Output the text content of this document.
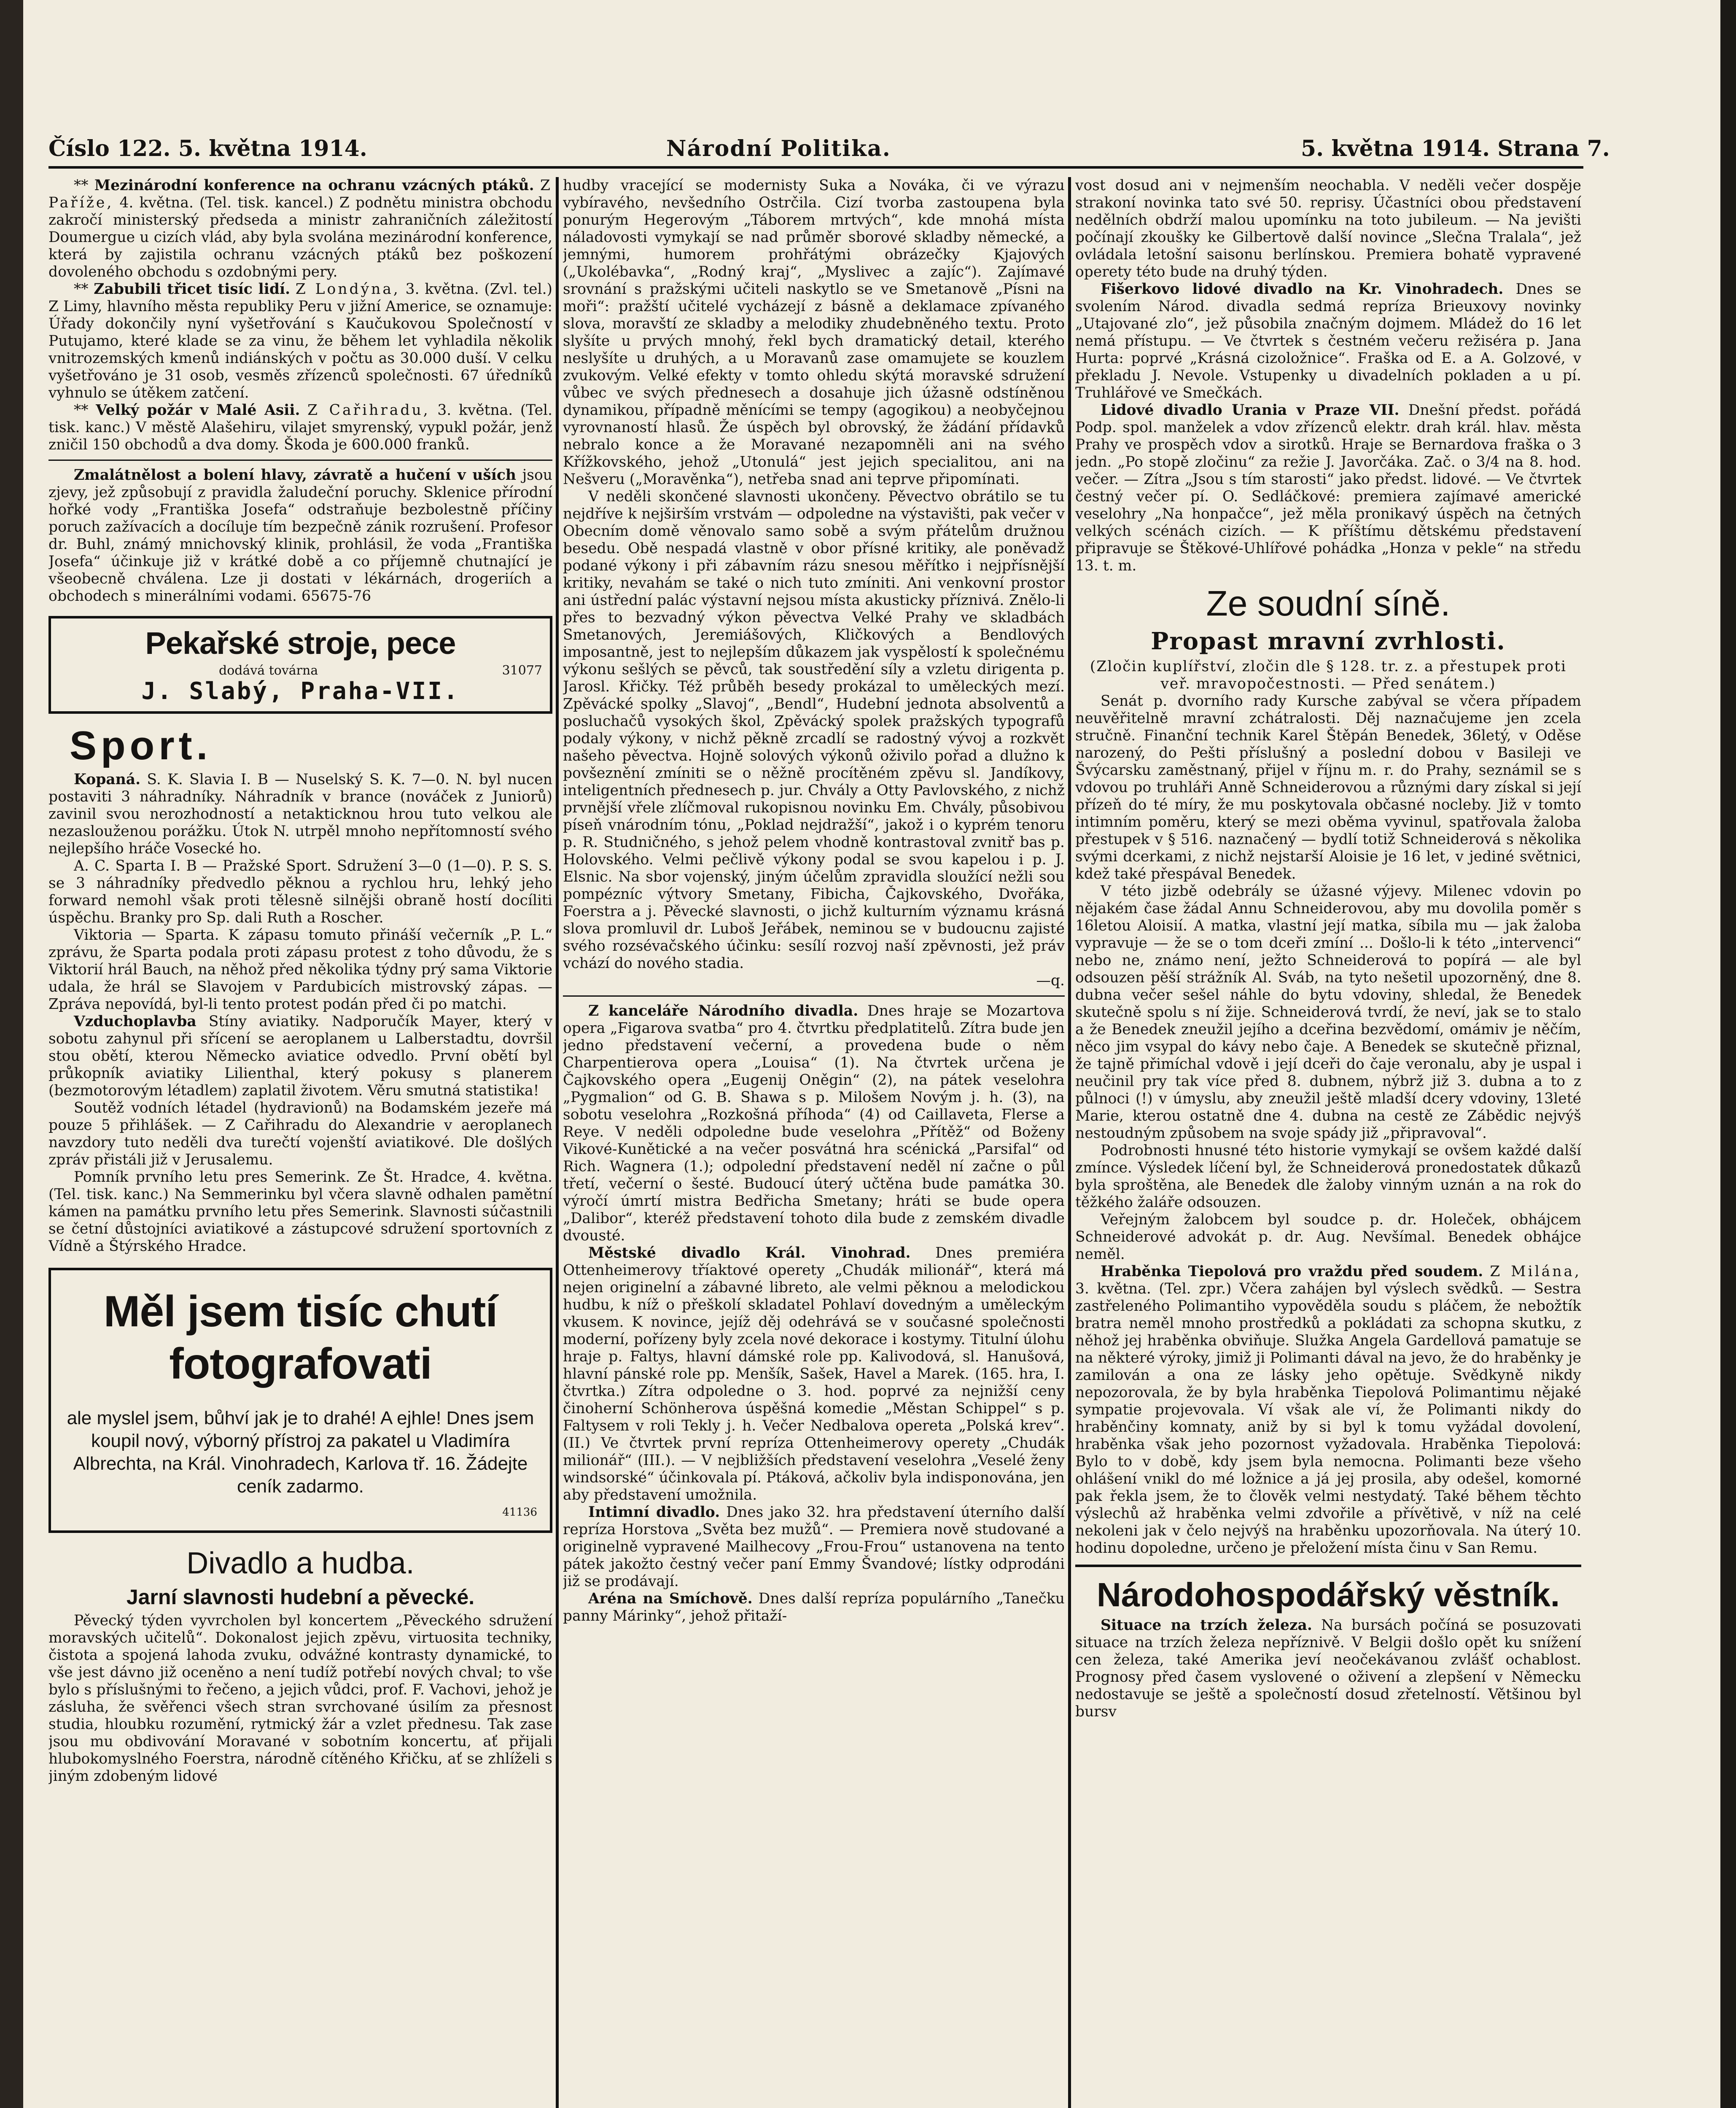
Číslo 122. 5. května 1914.	Národní Politika.	5. května 1914. Strana 7.

** Mezinárodní konference na ochranu vzácných ptáků. Z Paříže, 4. května. (Tel. tisk. kancel.) Z podnětu ministra obchodu zakročí ministerský předseda a ministr zahraničních záležitostí Doumergue u cizích vlád, aby byla svolána mezinárodní konference, která by zajistila ochranu vzácných ptáků bez poškození dovoleného obchodu s ozdobnými pery.

** Zabubili třicet tisíc lidí. Z Londýna, 3. května. (Zvl. tel.) Z Limy, hlavního města republiky Peru v jižní Americe, se oznamuje: Úřady dokončily nyní vyšetřování s Kaučukovou Společností v Putujamo, které klade se za vinu, že během let vyhladila několik vnitrozemských kmenů indiánských v počtu as 30.000 duší. V celku vyšetřováno je 31 osob, vesměs zřízenců společnosti. 67 úředníků vyhnulo se útěkem zatčení.

** Velký požár v Malé Asii. Z Cařihradu, 3. května. (Tel. tisk. kanc.) V městě Alašehiru, vilajet smyrenský, vypukl požár, jenž zničil 150 obchodů a dva domy. Škoda je 600.000 franků.

Zmalátnělost a bolení hlavy, závratě a hučení v uších jsou zjevy, jež způsobují z pravidla žaludeční poruchy. Sklenice přírodní hořké vody „Františka Josefa“ odstraňuje bezbolestně příčiny poruch zažívacích a docíluje tím bezpečně zánik rozrušení. Profesor dr. Buhl, známý mnichovský klinik, prohlásil, že voda „Františka Josefa“ účinkuje již v krátké době a co příjemně chutnající je všeobecně chválena. Lze ji dostati v lékárnách, drogeriích a obchodech s minerálními vodami. 65675-76

Pekařské stroje, pece
dodává továrna	31077
J. Slabý, Praha-VII.
Sport.

Kopaná. S. K. Slavia I. B — Nuselský S. K. 7—0. N. byl nucen postaviti 3 náhradníky. Náhradník v brance (nováček z Juniorů) zavinil svou nerozhodností a netakticknou hrou tuto velkou ale nezaslouženou porážku. Útok N. utrpěl mnoho nepřítomností svého nejlepšího hráče Vosecké ho.

A. C. Sparta I. B — Pražské Sport. Sdružení 3—0 (1—0). P. S. S. se 3 náhradníky předvedlo pěknou a rychlou hru, lehký jeho forward nemohl však proti tělesně silnějši obraně hostí docíliti úspěchu. Branky pro Sp. dali Ruth a Roscher.

Viktoria — Sparta. K zápasu tomuto přináší večerník „P. L.“ zprávu, že Sparta podala proti zápasu protest z toho důvodu, že s Viktorií hrál Bauch, na něhož před několika týdny prý sama Viktorie udala, že hrál se Slavojem v Pardubicích mistrovský zápas. — Zpráva nepovídá, byl-li tento protest podán před či po matchi.

Vzduchoplavba Stíny aviatiky. Nadporučík Mayer, který v sobotu zahynul při sřícení se aeroplanem u Lalberstadtu, dovršil stou obětí, kterou Německo aviatice odvedlo. První obětí byl průkopník aviatiky Lilienthal, který pokusy s planerem (bezmotorovým létadlem) zaplatil životem. Věru smutná statistika!

Soutěž vodních létadel (hydravionů) na Bodamském jezeře má pouze 5 přihlášek. — Z Cařihradu do Alexandrie v aeroplanech navzdory tuto neděli dva turečtí vojenští aviatikové. Dle došlých zpráv přistáli již v Jerusalemu.

Pomník prvního letu pres Semerink. Ze Št. Hradce, 4. května. (Tel. tisk. kanc.) Na Semmerinku byl včera slavně odhalen pamětní kámen na památku prvního letu přes Semerink. Slavnosti súčastnili se četní důstojníci aviatikové a zástupcové sdružení sportovních z Vídně a Štýrského Hradce.

Měl jsem tisíc chutí
fotografovati
ale myslel jsem, bůhví jak je to drahé! A ejhle! Dnes jsem koupil nový, výborný přístroj za pakatel u Vladimíra Albrechta, na Král. Vinohradech, Karlova tř. 16. Žádejte ceník zadarmo.
41136
Divadlo a hudba.
Jarní slavnosti hudební a pěvecké.

Pěvecký týden vyvrcholen byl koncertem „Pěveckého sdružení moravských učitelů“. Dokonalost jejich zpěvu, virtuosita techniky, čistota a spojená lahoda zvuku, odvážné kontrasty dynamické, to vše jest dávno již oceněno a není tudíž potřebí nových chval; to vše bylo s příslušnými to řečeno, a jejich vůdci, prof. F. Vachovi, jehož je zásluha, že svěřenci všech stran svrchované úsilím za přesnost studia, hloubku rozumění, rytmický žár a vzlet přednesu. Tak zase jsou mu obdivování Moravané v sobotním koncertu, ať přijali hlubokomyslného Foerstra, národně cítěného Křičku, ať se zhlíželi s jiným zdobeným lidové

hudby vracející se modernisty Suka a Nováka, či ve výrazu vybíravého, nevšedního Ostrčila. Cizí tvorba zastoupena byla ponurým Hegerovým „Táborem mrtvých“, kde mnohá místa náladovosti vymykají se nad průměr sborové skladby německé, a jemnými, humorem prohřátými obrázečky Kjajových („Ukolébavka“, „Rodný kraj“, „Myslivec a zajíc“). Zajímavé srovnání s pražskými učiteli naskytlo se ve Smetanově „Písni na moři“: pražští učitelé vycházejí z básně a deklamace zpívaného slova, moravští ze skladby a melodiky zhudebněného textu. Proto slyšíte u prvých mnohý, řekl bych dramatický detail, kterého neslyšíte u druhých, a u Moravanů zase omamujete se kouzlem zvukovým. Velké efekty v tomto ohledu skýtá moravské sdružení vůbec ve svých přednesech a dosahuje jich úžasně odstíněnou dynamikou, případně měnícími se tempy (agogikou) a neobyčejnou vyrovnaností hlasů. Že úspěch byl obrovský, že žádání přídavků nebralo konce a že Moravané nezapomněli ani na svého Křížkovského, jehož „Utonulá“ jest jejich specialitou, ani na Nešveru („Moravěnka“), netřeba snad ani teprve připomínati.

V neděli skončené slavnosti ukončeny. Pěvectvo obrátilo se tu nejdříve k nejširším vrstvám — odpoledne na výstavišti, pak večer v Obecním domě věnovalo samo sobě a svým přátelům družnou besedu. Obě nespadá vlastně v obor přísné kritiky, ale poněvadž podané výkony i při zábavním rázu snesou měřítko i nejpřísnější kritiky, nevahám se také o nich tuto zmíniti. Ani venkovní prostor ani ústřední palác výstavní nejsou místa akusticky příznivá. Znělo-li přes to bezvadný výkon pěvectva Velké Prahy ve skladbách Smetanových, Jeremiášových, Kličkových a Bendlových imposantně, jest to nejlepším důkazem jak vyspělostí k společnému výkonu sešlých se pěvců, tak soustředění síly a vzletu dirigenta p. Jarosl. Křičky. Též průběh besedy prokázal to uměleckých mezí. Zpěvácké spolky „Slavoj“, „Bendl“, Hudební jednota absolventů a posluchačů vysokých škol, Zpěvácký spolek pražských typografů podaly výkony, v nichž pěkně zrcadlí se radostný vývoj a rozkvět našeho pěvectva. Hojně solových výkonů oživilo pořad a dlužno k povšeznění zmíniti se o něžně procítěném zpěvu sl. Jandíkovy, inteligentních přednesech p. jur. Chvály a Otty Pavlovského, z nichž prvnější vřele zlíčmoval rukopisnou novinku Em. Chvály, působivou píseň vnárodním tónu, „Poklad nejdražší“, jakož i o kyprém tenoru p. R. Studničného, s jehož pelem vhodně kontrastoval zvnitř bas p. Holovského. Velmi pečlivě výkony podal se svou kapelou i p. J. Elsnic. Na sbor vojenský, jiným účelům zpravidla sloužící nežli sou pompézníc výtvory Smetany, Fibicha, Čajkovského, Dvořáka, Foerstra a j. Pěvecké slavnosti, o jichž kulturním významu krásná slova promluvil dr. Luboš Jeřábek, neminou se v budoucnu zajisté svého rozsévačského účinku: sesílí rozvoj naší zpěvnosti, jež práv vchází do nového stadia.

—q.

Z kanceláře Národního divadla. Dnes hraje se Mozartova opera „Figarova svatba“ pro 4. čtvrtku předplatitelů. Zítra bude jen jedno představení večerní, a provedena bude o něm Charpentierova opera „Louisa“ (1). Na čtvrtek určena je Čajkovského opera „Eugenij Oněgin“ (2), na pátek veselohra „Pygmalion“ od G. B. Shawa s p. Milošem Novým j. h. (3), na sobotu veselohra „Rozkošná příhoda“ (4) od Caillaveta, Flerse a Reye. V neděli odpoledne bude veselohra „Přítěž“ od Boženy Vikové-Kunětické a na večer posvátná hra scénická „Parsifal“ od Rich. Wagnera (1.); odpolední představení neděl ní začne o půl třetí, večerní o šesté. Budoucí úterý učtěna bude památka 30. výročí úmrtí mistra Bedřicha Smetany; hráti se bude opera „Dalibor“, kteréž představení tohoto dila bude z zemském divadle dvousté.

Městské divadlo Král. Vinohrad. Dnes premiéra Ottenheimerovy tříaktové operety „Chudák milionář“, která má nejen originelní a zábavné libreto, ale velmi pěknou a melodickou hudbu, k níž o přeškolí skladatel Pohlaví dovedným a uměleckým vkusem. K novince, jejíž děj odehrává se v současné společnosti moderní, pořízeny byly zcela nové dekorace i kostymy. Titulní úlohu hraje p. Faltys, hlavní dámské role pp. Kalivodová, sl. Hanušová, hlavní pánské role pp. Menšík, Sašek, Havel a Marek. (165. hra, I. čtvrtka.) Zítra odpoledne o 3. hod. poprvé za nejnižší ceny činoherní Schönherova úspěšná komedie „Městan Schippel“ s p. Faltysem v roli Tekly j. h. Večer Nedbalova opereta „Polská krev“. (II.) Ve čtvrtek první repríza Ottenheimerovy operety „Chudák milionář“ (III.). — V nejbližších představení veselohra „Veselé ženy windsorské“ účinkovala pí. Ptáková, ačkoliv byla indisponována, jen aby představení umožnila.

Intimní divadlo. Dnes jako 32. hra představení úterního další repríza Horstova „Světa bez mužů“. — Premiera nově studované a originelně vypravené Mailhecovy „Frou-Frou“ ustanovena na tento pátek jakožto čestný večer paní Emmy Švandové; lístky odprodáni již se prodávají.

Aréna na Smíchově. Dnes další repríza populárního „Tanečku panny Márinky“, jehož přitaží-

vost dosud ani v nejmenším neochabla. V neděli večer dospěje strakoní novinka tato své 50. reprisy. Účastníci obou představení nedělních obdrží malou upomínku na toto jubileum. — Na jevišti počínají zkoušky ke Gilbertově další novince „Slečna Tralala“, jež ovládala letošní saisonu berlínskou. Premiera bohatě vypravené operety této bude na druhý týden.

Fišerkovo lidové divadlo na Kr. Vinohradech. Dnes se svolením Národ. divadla sedmá repríza Brieuxovy novinky „Utajované zlo“, jež působila značným dojmem. Mládež do 16 let nemá přístupu. — Ve čtvrtek s čestném večeru režiséra p. Jana Hurta: poprvé „Krásná cizoložnice“. Fraška od E. a A. Golzové, v překladu J. Nevole. Vstupenky u divadelních pokladen a u pí. Truhlářové ve Smečkách.

Lidové divadlo Urania v Praze VII. Dnešní předst. pořádá Podp. spol. manželek a vdov zřízenců elektr. drah král. hlav. města Prahy ve prospěch vdov a sirotků. Hraje se Bernardova fraška o 3 jedn. „Po stopě zločinu“ za režie J. Javorčáka. Zač. o 3/4 na 8. hod. večer. — Zítra „Jsou s tím starosti“ jako předst. lidové. — Ve čtvrtek čestný večer pí. O. Sedláčkové: premiera zajímavé americké veselohry „Na honpačce“, jež měla pronikavý úspěch na četných velkých scénách cizích. — K příštímu dětskému představení připravuje se Štěkové-Uhlířové pohádka „Honza v pekle“ na středu 13. t. m.

Ze soudní síně.
Propast mravní zvrhlosti.

(Zločin kuplířství, zločin dle § 128. tr. z. a přestupek proti veř. mravopočestnosti. — Před senátem.)

Senát p. dvorního rady Kursche zabýval se včera případem neuvěřitelně mravní zchátralosti. Děj naznačujeme jen zcela stručně. Finanční technik Karel Štěpán Benedek, 36letý, v Oděse narozený, do Pešti příslušný a poslední dobou v Basileji ve Švýcarsku zaměstnaný, přijel v říjnu m. r. do Prahy, seznámil se s vdovou po truhláři Anně Schneiderovou a různými dary získal si její přízeň do té míry, že mu poskytovala občasné nocleby. Již v tomto intimním poměru, který se mezi oběma vyvinul, spatřovala žaloba přestupek v § 516. naznačený — bydlí totiž Schneiderová s několika svými dcerkami, z nichž nejstarší Aloisie je 16 let, v jediné světnici, kdež také přespával Benedek.

V této jizbě odebrály se úžasné výjevy. Milenec vdovin po nějakém čase žádal Annu Schneiderovou, aby mu dovolila poměr s 16letou Aloisií. A matka, vlastní její matka, síbila mu — jak žaloba vypravuje — že se o tom dceři zmíní ... Došlo-li k této „intervenci“ nebo ne, známo není, ježto Schneiderová to popírá — ale byl odsouzen pěší strážník Al. Sváb, na tyto nešetil upozorněný, dne 8. dubna večer sešel náhle do bytu vdoviny, shledal, že Benedek skutečně spolu s ní žije. Schneiderová tvrdí, že neví, jak se to stalo a že Benedek zneužil jejího a dceřina bezvědomí, omámiv je něčím, něco jim vsypal do kávy nebo čaje. A Benedek se skutečně přiznal, že tajně přimíchal vdově i její dceři do čaje veronalu, aby je uspal i neučinil pry tak více před 8. dubnem, nýbrž již 3. dubna a to z půlnoci (!) v úmyslu, aby zneužil ještě mladší dcery vdoviny, 13leté Marie, kterou ostatně dne 4. dubna na cestě ze Zábědic nejvýš nestoudným způsobem na svoje spády již „připravoval“.

Podrobnosti hnusné této historie vymykají se ovšem každé další zmínce. Výsledek líčení byl, že Schneiderová pronedostatek důkazů byla sproštěna, ale Benedek dle žaloby vinným uznán a na rok do těžkého žaláře odsouzen.

Veřejným žalobcem byl soudce p. dr. Holeček, obhájcem Schneiderové advokát p. dr. Aug. Nevšímal. Benedek obhájce neměl.

Hraběnka Tiepolová pro vraždu před soudem. Z Milána, 3. května. (Tel. zpr.) Včera zahájen byl výslech svědků. — Sestra zastřeleného Polimantiho vypověděla soudu s pláčem, že nebožtík bratra neměl mnoho prostředků a pokládati za schopna skutku, z něhož jej hraběnka obviňuje. Služka Angela Gardellová pamatuje se na některé výroky, jimiž ji Polimanti dával na jevo, že do hraběnky je zamilován a ona ze lásky jeho opětuje. Svědkyně nikdy nepozorovala, že by byla hraběnka Tiepolová Polimantimu nějaké sympatie projevovala. Ví však ale ví, že Polimanti nikdy do hraběnčiny komnaty, aniž by si byl k tomu vyžádal dovolení, hraběnka však jeho pozornost vyžadovala. Hraběnka Tiepolová: Bylo to v době, kdy jsem byla nemocna. Polimanti beze všeho ohlášení vnikl do mé ložnice a já jej prosila, aby odešel, komorné pak řekla jsem, že to člověk velmi nestydatý. Také během těchto výslechů až hraběnka velmi zdvořile a přívětivě, v níž na celé nekoleni jak v čelo nejvýš na hraběnku upozorňovala. Na úterý 10. hodinu dopoledne, určeno je přeložení místa činu v San Remu.

Národohospodářský věstník.

Situace na trzích železa. Na bursách počíná se posuzovati situace na trzích železa nepříznivě. V Belgii došlo opět ku snížení cen železa, také Amerika jeví neočekávanou zvlášť ochablost. Prognosy před časem vyslovené o oživení a zlepšení v Německu nedostavuje se ještě a společností dosud zřetelností. Většinou byl bursv
